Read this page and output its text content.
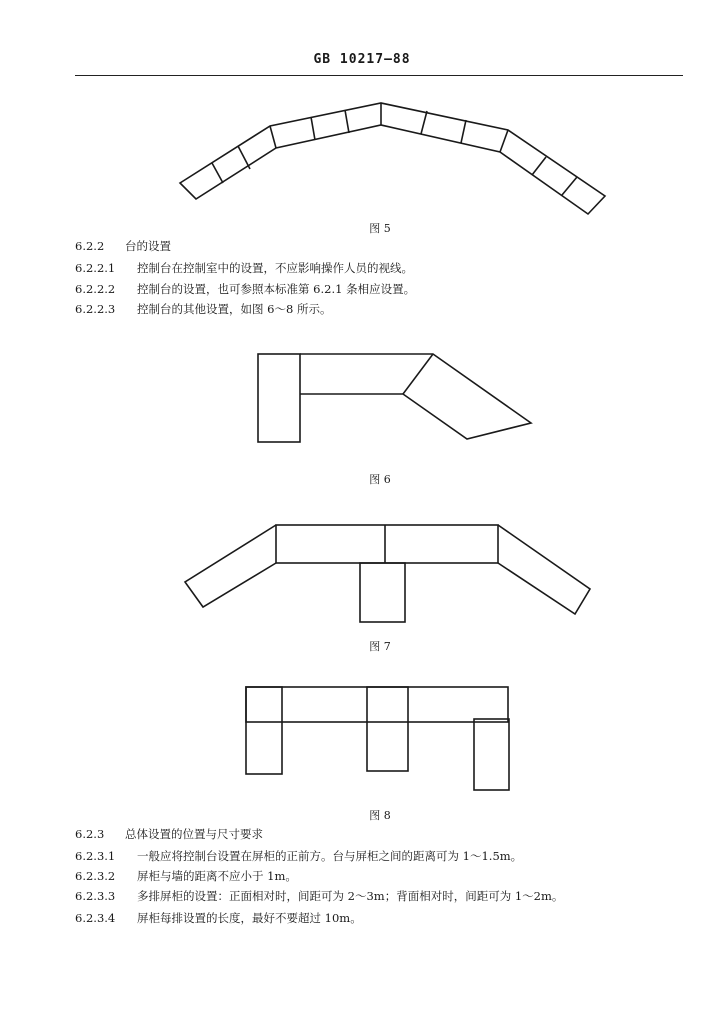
GB 10217—88
图 5
6.2.2 台的设置
6.2.2.1 控制台在控制室中的设置，不应影响操作人员的视线。
6.2.2.2 控制台的设置，也可参照本标准第 6.2.1 条相应设置。
6.2.2.3 控制台的其他设置，如图 6～8 所示。
图 6
图 7
图 8
6.2.3 总体设置的位置与尺寸要求
6.2.3.1 一般应将控制台设置在屏柜的正前方。台与屏柜之间的距离可为 1～1.5m。
6.2.3.2 屏柜与墙的距离不应小于 1m。
6.2.3.3 多排屏柜的设置：正面相对时，间距可为 2～3m；背面相对时，间距可为 1～2m。
6.2.3.4 屏柜每排设置的长度，最好不要超过 10m。
